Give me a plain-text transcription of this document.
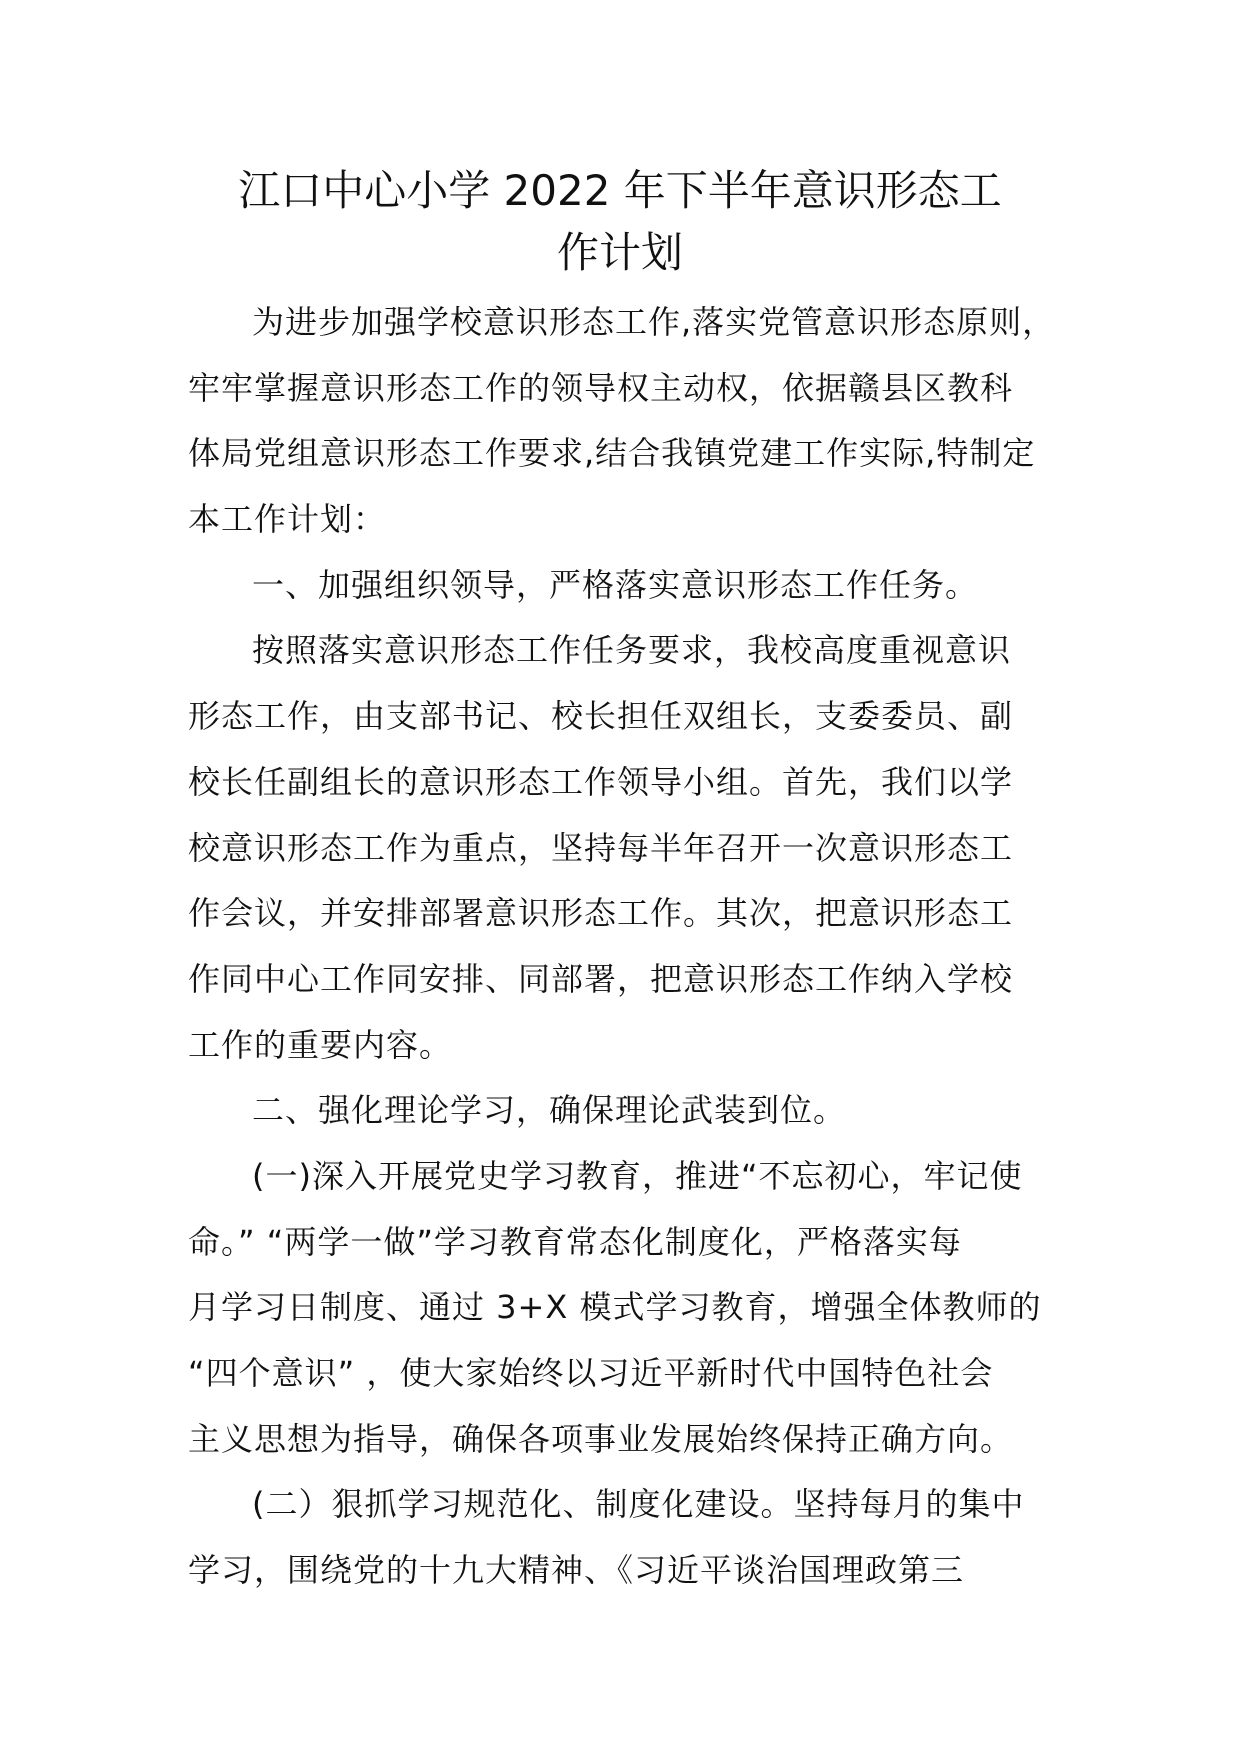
江口中心小学 2022 年下半年意识形态工
作计划
为进步加强学校意识形态工作,落实党管意识形态原则，
牢牢掌握意识形态工作的领导权主动权，依据赣县区教科
体局党组意识形态工作要求,结合我镇党建工作实际,特制定
本工作计划：
一、加强组织领导，严格落实意识形态工作任务。
按照落实意识形态工作任务要求，我校高度重视意识
形态工作，由支部书记、校长担任双组长，支委委员、副
校长任副组长的意识形态工作领导小组。首先，我们以学
校意识形态工作为重点，坚持每半年召开一次意识形态工
作会议，并安排部署意识形态工作。其次，把意识形态工
作同中心工作同安排、同部署，把意识形态工作纳入学校
工作的重要内容。
二、强化理论学习，确保理论武装到位。
(一)深入开展党史学习教育，推进“不忘初心，牢记使
命。” “两学一做”学习教育常态化制度化，严格落实每
月学习日制度、通过 3+X 模式学习教育，增强全体教师的
“四个意识” ，使大家始终以习近平新时代中国特色社会
主义思想为指导，确保各项事业发展始终保持正确方向。
(二）狠抓学习规范化、制度化建设。坚持每月的集中
学习，围绕党的十九大精神、《习近平谈治国理政第三
